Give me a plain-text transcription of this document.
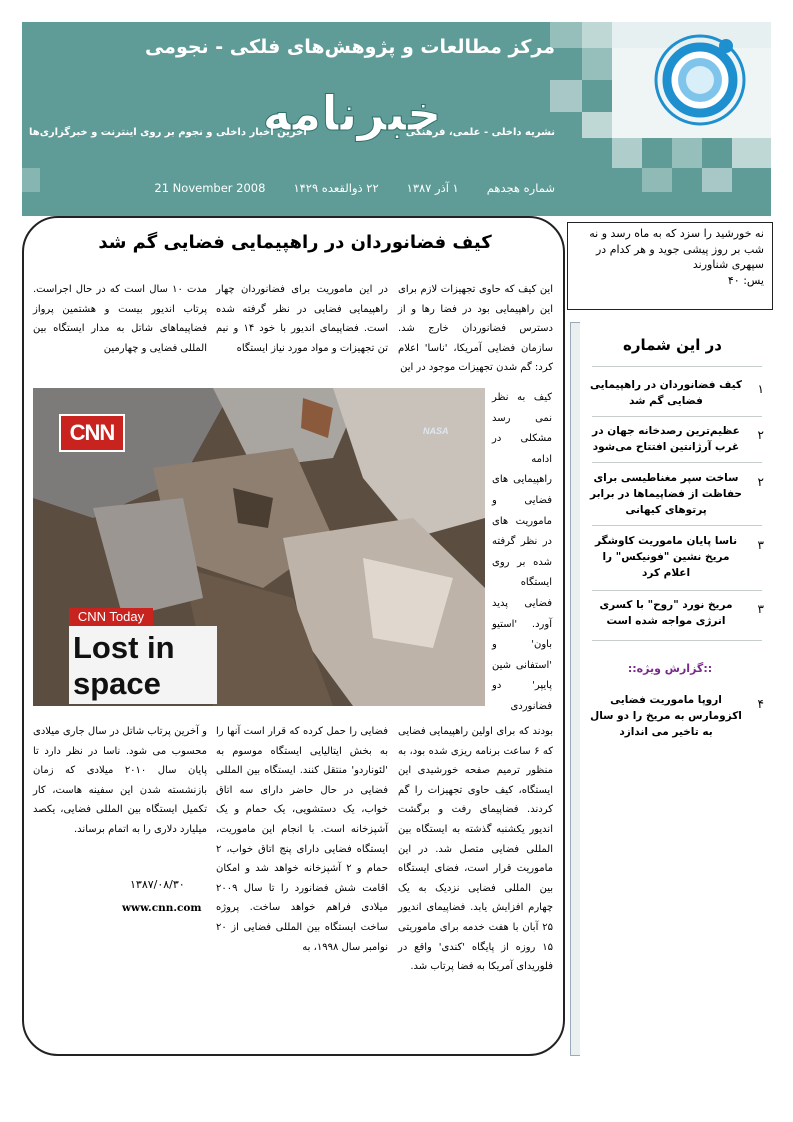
مرکز مطالعات و پژوهش‌های فلکی - نجومی
خبرنامه
نشریه داخلی - علمی، فرهنگی  آخرین اخبار داخلی و نجوم بر روی اینترنت و خبرگزاری‌ها
شماره هجدهم
۱ آذر ۱۳۸۷
۲۲ ذوالقعده ۱۴۲۹
21 November 2008
کیف فضانوردان در راهپیمایی فضایی گم شد

این کیف که حاوی تجهیزات لازم برای این راهپیمایی بود در فضا رها و از دسترس فضانوردان خارج شد. سازمان فضایی آمریکا، 'ناسا' اعلام کرد: گم شدن تجهیزات موجود در این

در این ماموریت برای فضانوردان چهار راهپیمایی فضایی در نظر گرفته شده است. فضاپیمای اندیور با خود ۱۴ و نیم تن تجهیزات و مواد مورد نیاز ایستگاه

مدت ۱۰ سال است که در حال اجراست. پرتاب اندیور بیست و هشتمین پرواز فضاپیماهای شاتل به مدار ایستگاه بین المللی فضایی و چهارمین

کیف به نظر نمی رسد مشکلی در ادامه راهپیمایی های فضایی و ماموریت های در نظر گرفته شده بر روی ایستگاه فضایی پدید آورد. 'استیو باون' و 'استفانی شین پایپر' دو فضانوردی

CNN	NASA
CNN Today
Lost in
space

بودند که برای اولین راهپیمایی فضایی که ۶ ساعت برنامه ریزی شده بود، به منظور ترمیم صفحه خورشیدی این ایستگاه، کیف حاوی تجهیزات را گم کردند. فضاپیمای رفت و برگشت اندیور یکشنبه گذشته به ایستگاه بین المللی فضایی متصل شد. در این ماموریت قرار است، فضای ایستگاه بین المللی فضایی نزدیک به یک چهارم افزایش یابد. فضاپیمای اندیور ۲۵ آبان با هفت خدمه برای ماموریتی ۱۵ روزه از پایگاه 'کندی' واقع در فلوریدای آمریکا به فضا پرتاب شد.

فضایی را حمل کرده که قرار است آنها را به بخش ایتالیایی ایستگاه موسوم به 'لئوناردو' منتقل کنند. ایستگاه بین المللی فضایی در حال حاضر دارای سه اتاق خواب، یک دستشویی، یک حمام و یک آشپزخانه است. با انجام این ماموریت، ایستگاه فضایی دارای پنج اتاق خواب، ۲ حمام و ۲ آشپزخانه خواهد شد و امکان اقامت شش فضانورد را تا سال ۲۰۰۹ میلادی فراهم خواهد ساخت. پروژه ساخت ایستگاه بین المللی فضایی از ۲۰ نوامبر سال ۱۹۹۸، به

و آخرین پرتاب شاتل در سال جاری میلادی محسوب می شود. ناسا در نظر دارد تا پایان سال ۲۰۱۰ میلادی که زمان بازنشسته شدن این سفینه هاست، کار تکمیل ایستگاه بین المللی فضایی، یکصد میلیارد دلاری را به اتمام برساند.

۱۳۸۷/۰۸/۳۰
www.cnn.com
نه خورشید را سزد که به ماه رسد و نه شب بر روز پیشی جوید و هر کدام در سپهری شناورند
یس: ۴۰
در این شماره
۱
کیف فضانوردان در راهپیمایی فضایی گم شد
۲
عظیم‌ترین رصدخانه جهان در غرب آرژانتین افتتاح می‌شود
۲
ساخت سپر مغناطیسی برای حفاظت از فضاپیماها در برابر پرتوهای کیهانی
۳
ناسا پایان ماموریت کاوشگر مریخ نشین "فونیکس" را اعلام کرد
۳
مریخ نورد "روح" با کسری انرژی مواجه شده است
::گزارش ویژه::
۴
اروپا ماموریت فضایی اکزومارس به مریخ را دو سال به تاخیر می اندازد
